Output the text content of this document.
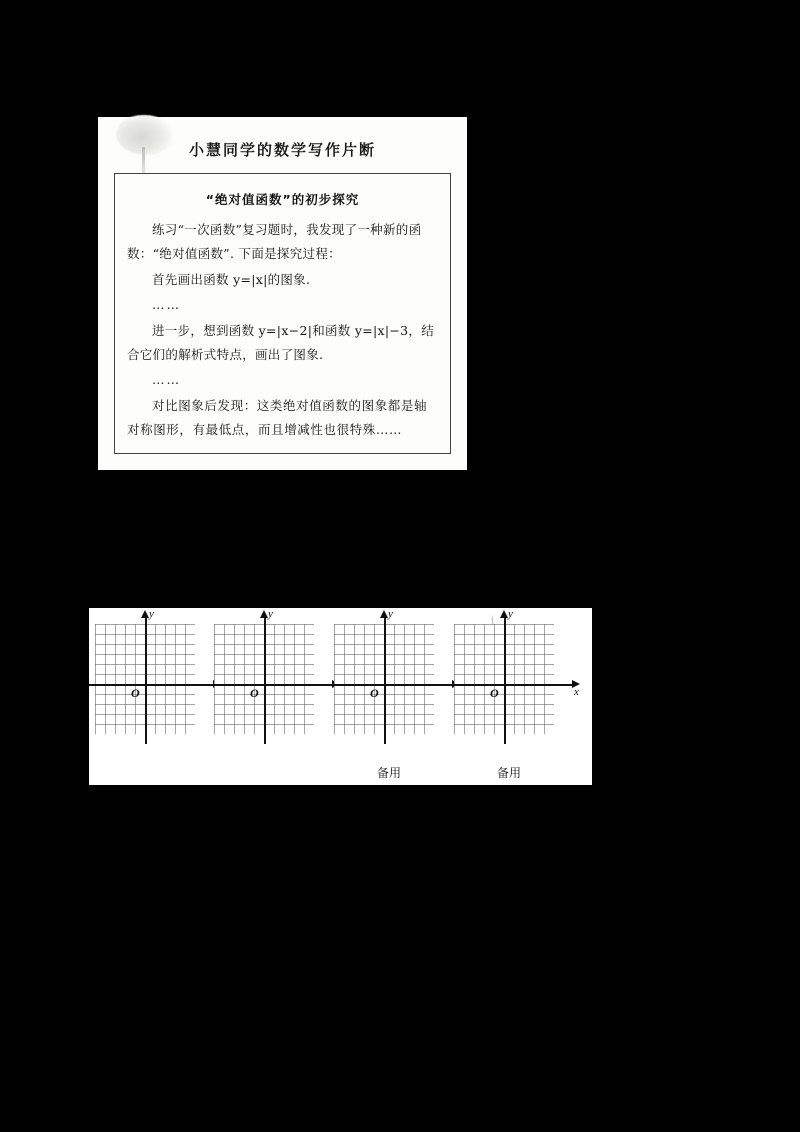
小慧同学的数学写作片断
“绝对值函数”的初步探究

练习“一次函数”复习题时，我发现了一种新的函数：“绝对值函数”. 下面是探究过程：

首先画出函数 y=|x|的图象.

……

进一步，想到函数 y=|x−2|和函数 y=|x|−3，结合它们的解析式特点，画出了图象.

……

对比图象后发现：这类绝对值函数的图象都是轴对称图形，有最低点，而且增减性也很特殊……

y
O
y
O
y
O
备用
y
x
O
备用
